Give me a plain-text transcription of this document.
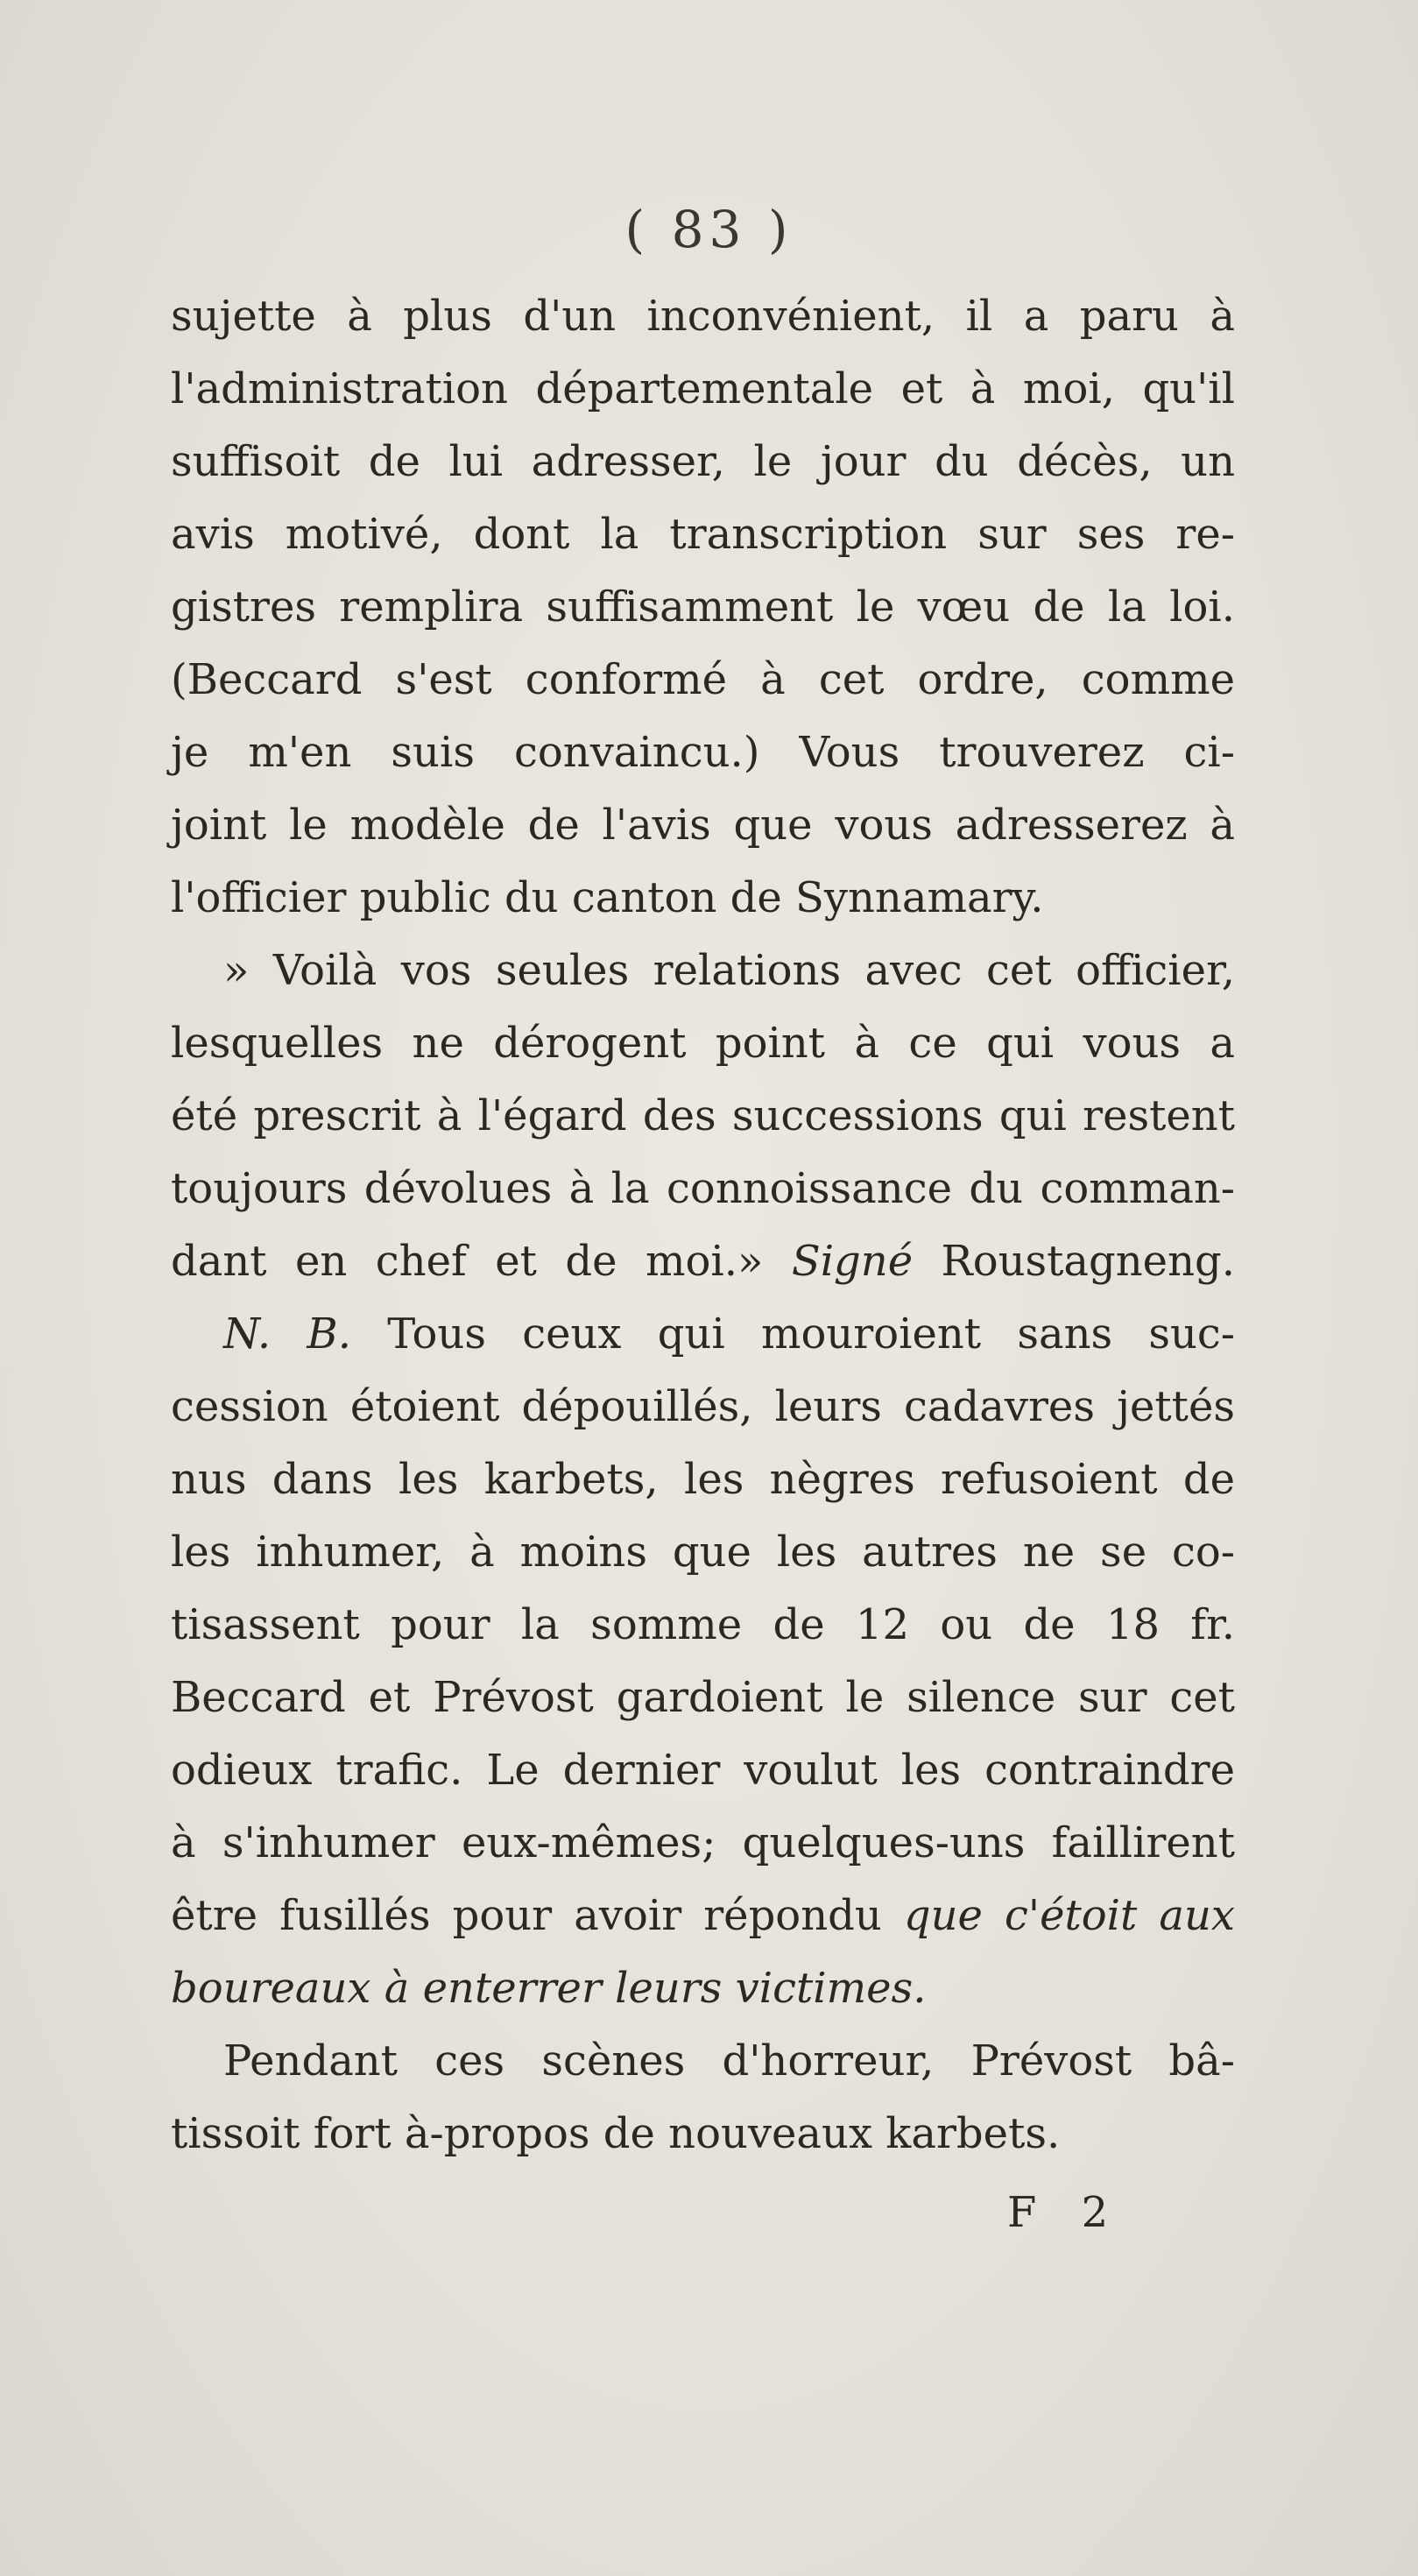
( 83 )
sujette à plus d'un inconvénient, il a paru à
l'administration départementale et à moi, qu'il
suffisoit de lui adresser, le jour du décès, un
avis motivé, dont la transcription sur ses re-
gistres remplira suffisamment le vœu de la loi.
(Beccard s'est conformé à cet ordre, comme
je m'en suis convaincu.) Vous trouverez ci-
joint le modèle de l'avis que vous adresserez à
l'officier public du canton de Synnamary.
» Voilà vos seules relations avec cet officier,
lesquelles ne dérogent point à ce qui vous a
été prescrit à l'égard des successions qui restent
toujours dévolues à la connoissance du comman-
dant en chef et de moi.» Signé Roustagneng.
N. B. Tous ceux qui mouroient sans suc-
cession étoient dépouillés, leurs cadavres jettés
nus dans les karbets, les nègres refusoient de
les inhumer, à moins que les autres ne se co-
tisassent pour la somme de 12 ou de 18 fr.
Beccard et Prévost gardoient le silence sur cet
odieux trafic. Le dernier voulut les contraindre
à s'inhumer eux-mêmes; quelques-uns faillirent
être fusillés pour avoir répondu que c'étoit aux
boureaux à enterrer leurs victimes.
Pendant ces scènes d'horreur, Prévost bâ-
tissoit fort à-propos de nouveaux karbets.
F 2
